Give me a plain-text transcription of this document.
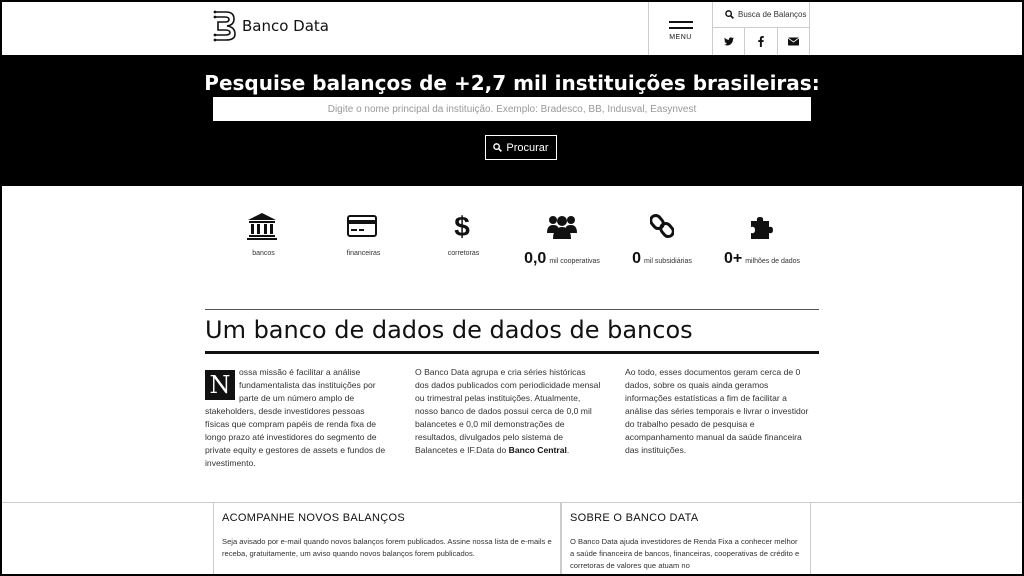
Banco Data
MENU
Busca de Balanços
Pesquise balanços de +2,7 mil instituições brasileiras:
Digite o nome principal da instituição. Exemplo: Bradesco, BB, Indusval, Easynvest
Procurar
bancos	financeiras
$
corretoras	0,0 mil cooperativas 0 mil subsidiárias 0+ milhões de dados
Um banco de dados de dados de bancos
N ossa missão é facilitar a análise fundamentalista das instituições por parte de um número amplo de stakeholders, desde investidores pessoas físicas que compram papéis de renda fixa de longo prazo até investidores do segmento de private equity e gestores de assets e fundos de investimento.
O Banco Data agrupa e cria séries históricas dos dados publicados com periodicidade mensal ou trimestral pelas instituições. Atualmente, nosso banco de dados possui cerca de 0,0 mil balancetes e 0,0 mil demonstrações de resultados, divulgados pelo sistema de Balancetes e IF.Data do Banco Central.
Ao todo, esses documentos geram cerca de 0 dados, sobre os quais ainda geramos informações estatísticas a fim de facilitar a análise das séries temporais e livrar o investidor do trabalho pesado de pesquisa e acompanhamento manual da saúde financeira das instituições.
ACOMPANHE NOVOS BALANÇOS

Seja avisado por e-mail quando novos balanços forem publicados. Assine nossa lista de e-mails e receba, gratuitamente, um aviso quando novos balanços forem publicados.

SOBRE O BANCO DATA

O Banco Data ajuda investidores de Renda Fixa a conhecer melhor a saúde financeira de bancos, financeiras, cooperativas de crédito e corretoras de valores que atuam no
